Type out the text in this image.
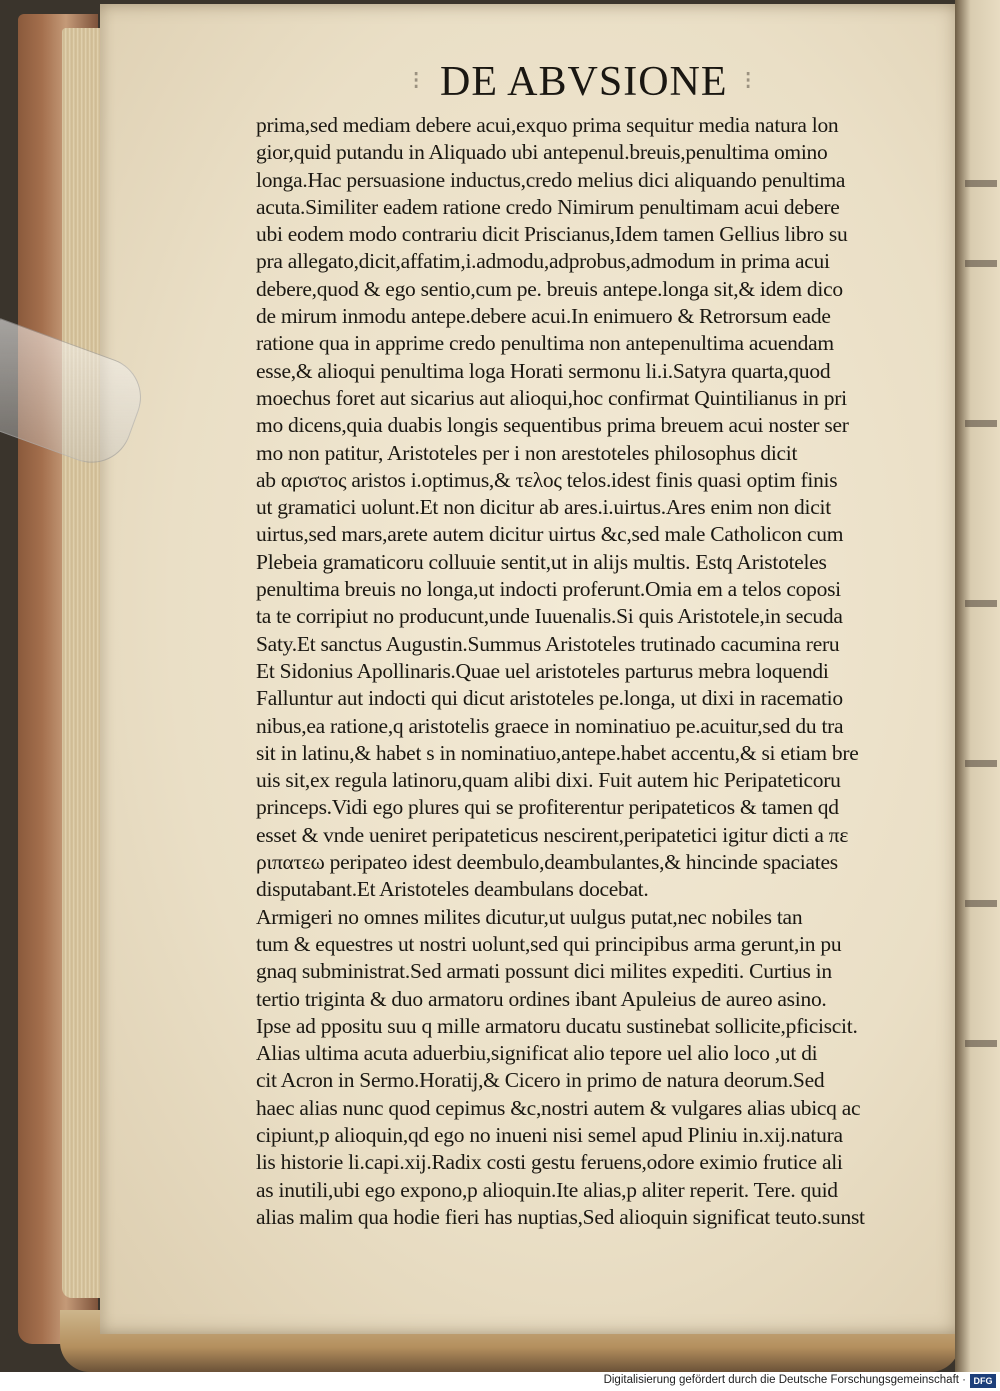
⁝ DE ABVSIONE ⁝
prima,sed mediam debere acui,exquo prima sequitur media natura lon
gior,quid putandu in Aliquado ubi antepenul.breuis,penultima omino
longa.Hac persuasione inductus,credo melius dici aliquando penultima
acuta.Similiter eadem ratione credo Nimirum penultimam acui debere
ubi eodem modo contrariu dicit Priscianus,Idem tamen Gellius libro su
pra allegato,dicit,affatim,i.admodu,adprobus,admodum in prima acui
debere,quod & ego sentio,cum pe. breuis antepe.longa sit,& idem dico
de mirum inmodu antepe.debere acui.In enimuero & Retrorsum eade
ratione qua in apprime credo penultima non antepenultima acuendam
esse,& alioqui penultima loga Horati sermonu li.i.Satyra quarta,quod
moechus foret aut sicarius aut alioqui,hoc confirmat Quintilianus in pri
mo dicens,quia duabis longis sequentibus prima breuem acui noster ser
mo non patitur, Aristoteles per i non arestoteles philosophus dicit
ab αριστος aristos i.optimus,& τελος telos.idest finis quasi optim finis
ut gramatici uolunt.Et non dicitur ab ares.i.uirtus.Ares enim non dicit
uirtus,sed mars,arete autem dicitur uirtus &c,sed male Catholicon cum
Plebeia gramaticoru colluuie sentit,ut in alijs multis. Estq Aristoteles
penultima breuis no longa,ut indocti proferunt.Omia em a telos coposi
ta te corripiut no producunt,unde Iuuenalis.Si quis Aristotele,in secuda
Saty.Et sanctus Augustin.Summus Aristoteles trutinado cacumina reru
Et Sidonius Apollinaris.Quae uel aristoteles parturus mebra loquendi
Falluntur aut indocti qui dicut aristoteles pe.longa, ut dixi in racematio
nibus,ea ratione,q aristotelis graece in nominatiuo pe.acuitur,sed du tra
sit in latinu,& habet s in nominatiuo,antepe.habet accentu,& si etiam bre
uis sit,ex regula latinoru,quam alibi dixi. Fuit autem hic Peripateticoru
princeps.Vidi ego plures qui se profiterentur peripateticos & tamen qd
esset & vnde ueniret peripateticus nescirent,peripatetici igitur dicti a πε
ριπατεω peripateo idest deembulo,deambulantes,& hincinde spaciates
disputabant.Et Aristoteles deambulans docebat.
Armigeri no omnes milites dicutur,ut uulgus putat,nec nobiles tan
tum & equestres ut nostri uolunt,sed qui principibus arma gerunt,in pu
gnaq subministrat.Sed armati possunt dici milites expediti. Curtius in
tertio triginta & duo armatoru ordines ibant Apuleius de aureo asino.
Ipse ad ppositu suu q mille armatoru ducatu sustinebat sollicite,pficiscit.
Alias ultima acuta aduerbiu,significat alio tepore uel alio loco ,ut di
cit Acron in Sermo.Horatij,& Cicero in primo de natura deorum.Sed
haec alias nunc quod cepimus &c,nostri autem & vulgares alias ubicq ac
cipiunt,p alioquin,qd ego no inueni nisi semel apud Pliniu in.xij.natura
lis historie li.capi.xij.Radix costi gestu feruens,odore eximio frutice ali
as inutili,ubi ego expono,p alioquin.Ite alias,p aliter reperit. Tere. quid
alias malim qua hodie fieri has nuptias,Sed alioquin significat teuto.sunst
Digitalisierung gefördert durch die Deutsche Forschungsgemeinschaft · DFG
